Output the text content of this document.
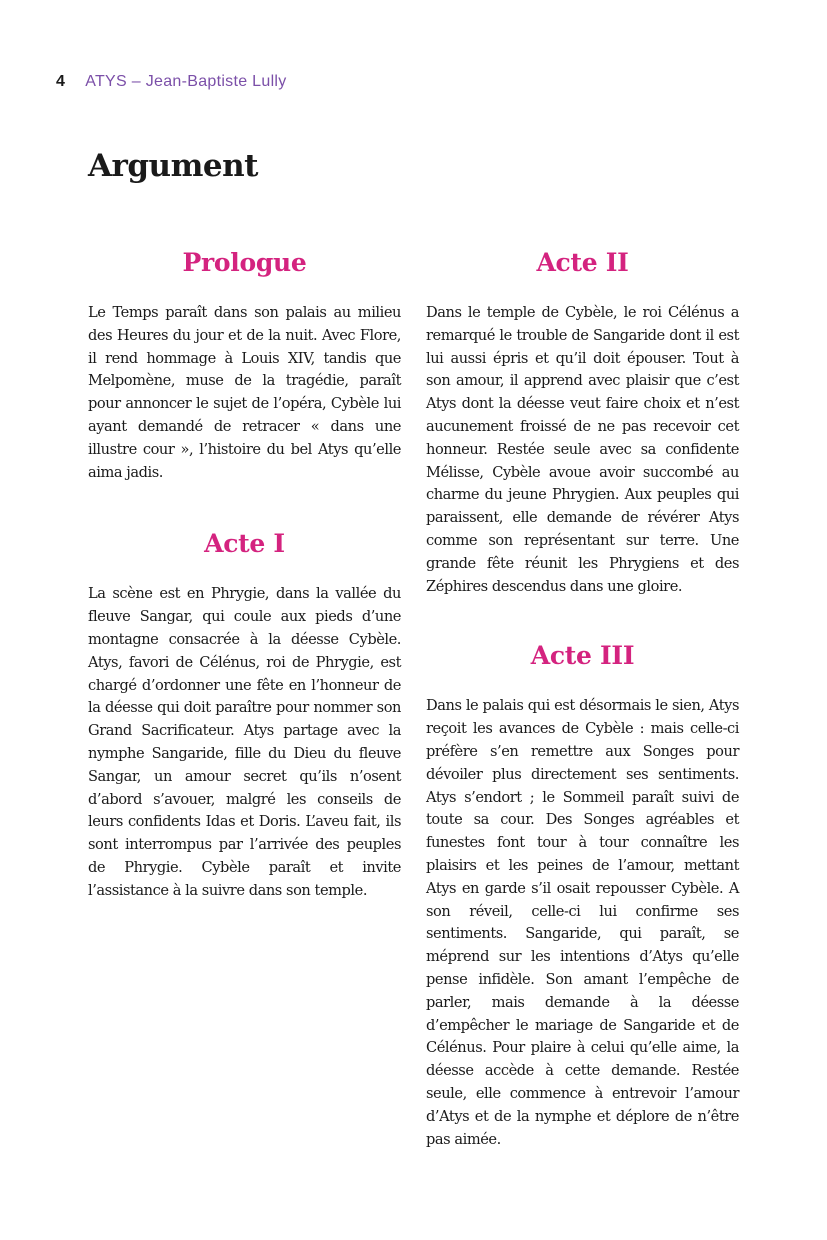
4 ATYS – Jean-Baptiste Lully
Argument
Prologue

Le Temps paraît dans son palais au milieu des Heures du jour et de la nuit. Avec Flore, il rend hommage à Louis XIV, tandis que Melpomène, muse de la tragédie, paraît pour annoncer le sujet de l’opéra, Cybèle lui ayant demandé de retracer « dans une illustre cour », l’histoire du bel Atys qu’elle aima jadis.

Acte I

La scène est en Phrygie, dans la vallée du fleuve Sangar, qui coule aux pieds d’une montagne consacrée à la déesse Cybèle. Atys, favori de Célénus, roi de Phrygie, est chargé d’ordonner une fête en l’honneur de la déesse qui doit paraître pour nommer son Grand Sacrificateur. Atys partage avec la nymphe Sangaride, fille du Dieu du fleuve Sangar, un amour secret qu’ils n’osent d’abord s’avouer, malgré les conseils de leurs confidents Idas et Doris. L’aveu fait, ils sont interrompus par l’arrivée des peuples de Phrygie. Cybèle paraît et invite l’assistance à la suivre dans son temple.

Acte II

Dans le temple de Cybèle, le roi Célénus a remarqué le trouble de Sangaride dont il est lui aussi épris et qu’il doit épouser. Tout à son amour, il apprend avec plaisir que c’est Atys dont la déesse veut faire choix et n’est aucunement froissé de ne pas recevoir cet honneur. Restée seule avec sa confidente Mélisse, Cybèle avoue avoir succombé au charme du jeune Phrygien. Aux peuples qui paraissent, elle demande de révérer Atys comme son représentant sur terre. Une grande fête réunit les Phrygiens et des Zéphires descendus dans une gloire.

Acte III

Dans le palais qui est désormais le sien, Atys reçoit les avances de Cybèle : mais celle-ci préfère s’en remettre aux Songes pour dévoiler plus directement ses sentiments. Atys s’endort ; le Sommeil paraît suivi de toute sa cour. Des Songes agréables et funestes font tour à tour connaître les plaisirs et les peines de l’amour, mettant Atys en garde s’il osait repousser Cybèle. A son réveil, celle-ci lui confirme ses sentiments. Sangaride, qui paraît, se méprend sur les intentions d’Atys qu’elle pense infidèle. Son amant l’empêche de parler, mais demande à la déesse d’empêcher le mariage de Sangaride et de Célénus. Pour plaire à celui qu’elle aime, la déesse accède à cette demande. Restée seule, elle commence à entrevoir l’amour d’Atys et de la nymphe et déplore de n’être pas aimée.
